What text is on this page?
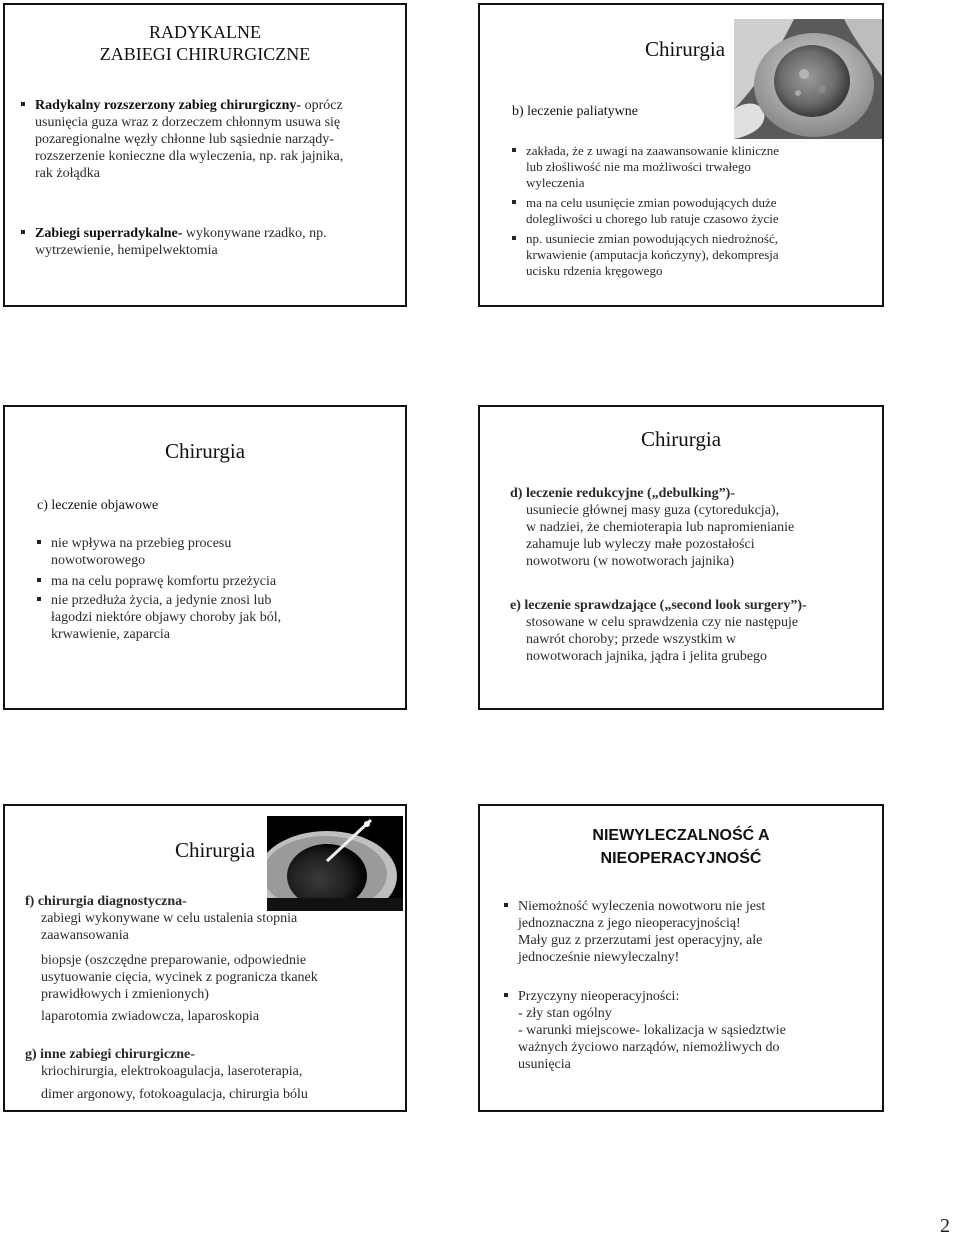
RADYKALNE
ZABIEGI CHIRURGICZNE
Radykalny rozszerzony zabieg chirurgiczny- oprócz
usunięcia guza wraz z dorzeczem chłonnym usuwa się
pozaregionalne węzły chłonne lub sąsiednie narządy-
rozszerzenie konieczne dla wyleczenia, np. rak jajnika,
rak żołądka
Zabiegi superradykalne- wykonywane rzadko, np.
wytrzewienie, hemipelwektomia
Chirurgia
b) leczenie paliatywne
zakłada, że z uwagi na zaawansowanie kliniczne
lub złośliwość nie ma możliwości trwałego
wyleczenia
ma na celu usunięcie zmian powodujących duże
dolegliwości u chorego lub ratuje czasowo życie
np. usuniecie zmian powodujących niedrożność,
krwawienie (amputacja kończyny), dekompresja
ucisku rdzenia kręgowego
Chirurgia
c) leczenie objawowe
nie wpływa na przebieg procesu
nowotworowego
ma na celu poprawę komfortu przeżycia
nie przedłuża życia, a jedynie znosi lub
łagodzi niektóre objawy choroby jak ból,
krwawienie, zaparcia
Chirurgia
d) leczenie redukcyjne („debulking”)-
usuniecie głównej masy guza (cytoredukcja),
w nadziei, że chemioterapia lub napromienianie
zahamuje lub wyleczy małe pozostałości
nowotworu (w nowotworach jajnika)
e) leczenie sprawdzające („second look surgery”)-
stosowane w celu sprawdzenia czy nie następuje
nawrót choroby; przede wszystkim w
nowotworach jajnika, jądra i jelita grubego
Chirurgia
f) chirurgia diagnostyczna-
zabiegi wykonywane w celu ustalenia stopnia
zaawansowania
biopsje (oszczędne preparowanie, odpowiednie
usytuowanie cięcia, wycinek z pogranicza tkanek
prawidłowych i zmienionych)
laparotomia zwiadowcza, laparoskopia
g) inne zabiegi chirurgiczne-
kriochirurgia, elektrokoagulacja, laseroterapia,
dimer argonowy, fotokoagulacja, chirurgia bólu
NIEWYLECZALNOŚĆ A
NIEOPERACYJNOŚĆ
Niemożność wyleczenia nowotworu nie jest
jednoznaczna z jego nieoperacyjnością!
Mały guz z przerzutami jest operacyjny, ale
jednocześnie niewyleczalny!
Przyczyny nieoperacyjności:
- zły stan ogólny
- warunki miejscowe- lokalizacja w sąsiedztwie
ważnych życiowo narządów, niemożliwych do
usunięcia
2
